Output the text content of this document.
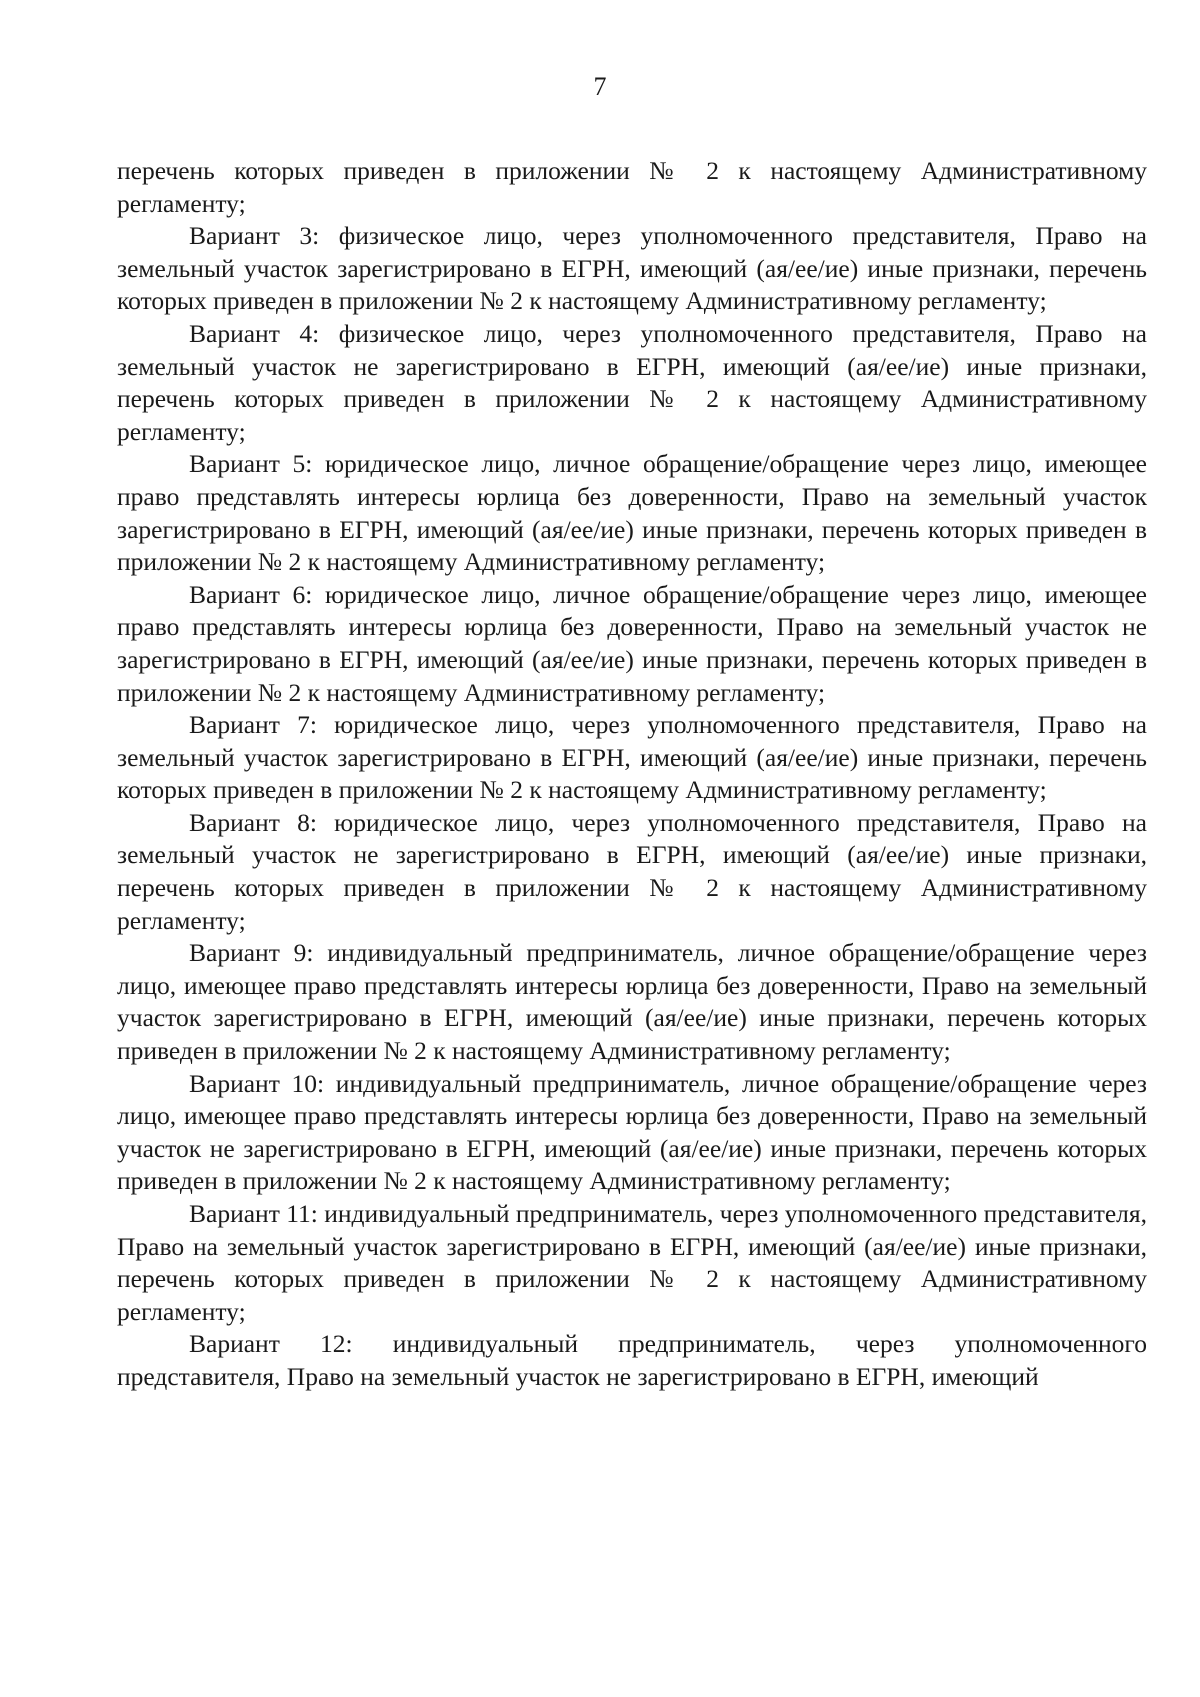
7

перечень которых приведен в приложении № 2 к настоящему Административному регламенту;

Вариант 3: физическое лицо, через уполномоченного представителя, Право на земельный участок зарегистрировано в ЕГРН, имеющий (ая/ее/ие) иные признаки, перечень которых приведен в приложении № 2 к настоящему Административному регламенту;

Вариант 4: физическое лицо, через уполномоченного представителя, Право на земельный участок не зарегистрировано в ЕГРН, имеющий (ая/ее/ие) иные признаки, перечень которых приведен в приложении № 2 к настоящему Административному регламенту;

Вариант 5: юридическое лицо, личное обращение/обращение через лицо, имеющее право представлять интересы юрлица без доверенности, Право на земельный участок зарегистрировано в ЕГРН, имеющий (ая/ее/ие) иные признаки, перечень которых приведен в приложении № 2 к настоящему Административному регламенту;

Вариант 6: юридическое лицо, личное обращение/обращение через лицо, имеющее право представлять интересы юрлица без доверенности, Право на земельный участок не зарегистрировано в ЕГРН, имеющий (ая/ее/ие) иные признаки, перечень которых приведен в приложении № 2 к настоящему Административному регламенту;

Вариант 7: юридическое лицо, через уполномоченного представителя, Право на земельный участок зарегистрировано в ЕГРН, имеющий (ая/ее/ие) иные признаки, перечень которых приведен в приложении № 2 к настоящему Административному регламенту;

Вариант 8: юридическое лицо, через уполномоченного представителя, Право на земельный участок не зарегистрировано в ЕГРН, имеющий (ая/ее/ие) иные признаки, перечень которых приведен в приложении № 2 к настоящему Административному регламенту;

Вариант 9: индивидуальный предприниматель, личное обращение/обращение через лицо, имеющее право представлять интересы юрлица без доверенности, Право на земельный участок зарегистрировано в ЕГРН, имеющий (ая/ее/ие) иные признаки, перечень которых приведен в приложении № 2 к настоящему Административному регламенту;

Вариант 10: индивидуальный предприниматель, личное обращение/обращение через лицо, имеющее право представлять интересы юрлица без доверенности, Право на земельный участок не зарегистрировано в ЕГРН, имеющий (ая/ее/ие) иные признаки, перечень которых приведен в приложении № 2 к настоящему Административному регламенту;

Вариант 11: индивидуальный предприниматель, через уполномоченного представителя, Право на земельный участок зарегистрировано в ЕГРН, имеющий (ая/ее/ие) иные признаки, перечень которых приведен в приложении № 2 к настоящему Административному регламенту;

Вариант 12: индивидуальный предприниматель, через уполномоченного представителя, Право на земельный участок не зарегистрировано в ЕГРН, имеющий
